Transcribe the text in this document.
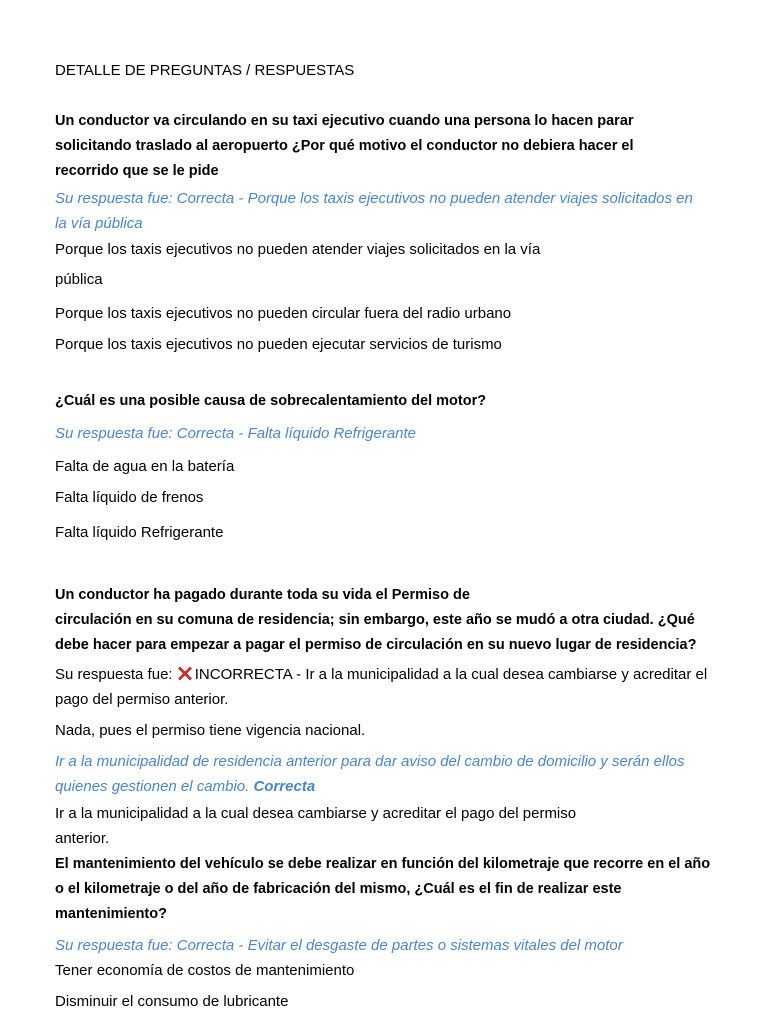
DETALLE DE PREGUNTAS / RESPUESTAS
Un conductor va circulando en su taxi ejecutivo cuando una persona lo hacen parar
solicitando traslado al aeropuerto ¿Por qué motivo el conductor no debiera hacer el
recorrido que se le pide
Su respuesta fue: Correcta - Porque los taxis ejecutivos no pueden atender viajes solicitados en
la vía pública
Porque los taxis ejecutivos no pueden atender viajes solicitados en la vía
pública
Porque los taxis ejecutivos no pueden circular fuera del radio urbano
Porque los taxis ejecutivos no pueden ejecutar servicios de turismo
¿Cuál es una posible causa de sobrecalentamiento del motor?
Su respuesta fue: Correcta - Falta líquido Refrigerante
Falta de agua en la batería
Falta líquido de frenos
Falta líquido Refrigerante
Un conductor ha pagado durante toda su vida el Permiso de
circulación en su comuna de residencia; sin embargo, este año se mudó a otra ciudad. ¿Qué
debe hacer para empezar a pagar el permiso de circulación en su nuevo lugar de residencia?
Su respuesta fue: INCORRECTA - Ir a la municipalidad a la cual desea cambiarse y acreditar el
pago del permiso anterior.
Nada, pues el permiso tiene vigencia nacional.
Ir a la municipalidad de residencia anterior para dar aviso del cambio de domicilio y serán ellos
quienes gestionen el cambio. Correcta
Ir a la municipalidad a la cual desea cambiarse y acreditar el pago del permiso
anterior.
El mantenimiento del vehículo se debe realizar en función del kilometraje que recorre en el año
o el kilometraje o del año de fabricación del mismo, ¿Cuál es el fin de realizar este
mantenimiento?
Su respuesta fue: Correcta - Evitar el desgaste de partes o sistemas vitales del motor
Tener economía de costos de mantenimiento
Disminuir el consumo de lubricante
